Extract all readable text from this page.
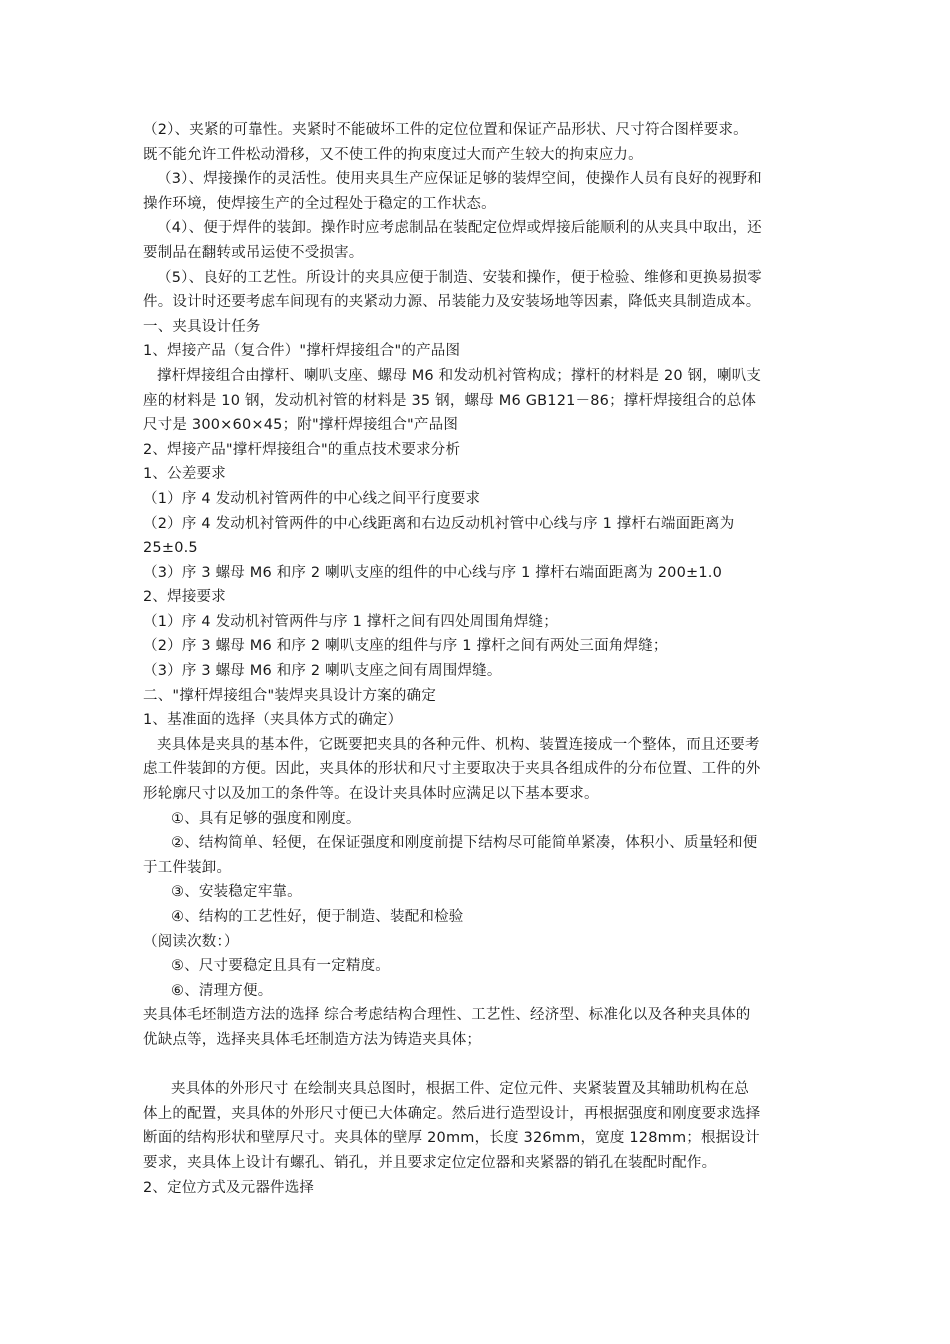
（2）、夹紧的可靠性。夹紧时不能破坏工件的定位位置和保证产品形状、尺寸符合图样要求。
既不能允许工件松动滑移，又不使工件的拘束度过大而产生较大的拘束应力。
（3）、焊接操作的灵活性。使用夹具生产应保证足够的装焊空间，使操作人员有良好的视野和
操作环境，使焊接生产的全过程处于稳定的工作状态。
（4）、便于焊件的装卸。操作时应考虑制品在装配定位焊或焊接后能顺利的从夹具中取出，还
要制品在翻转或吊运使不受损害。
（5）、良好的工艺性。所设计的夹具应便于制造、安装和操作，便于检验、维修和更换易损零
件。设计时还要考虑车间现有的夹紧动力源、吊装能力及安装场地等因素，降低夹具制造成本。
一、夹具设计任务
1、焊接产品（复合件）"撑杆焊接组合"的产品图
撑杆焊接组合由撑杆、喇叭支座、螺母 M6 和发动机衬管构成；撑杆的材料是 20 钢，喇叭支
座的材料是 10 钢，发动机衬管的材料是 35 钢，螺母 M6 GB121－86；撑杆焊接组合的总体
尺寸是 300×60×45；附"撑杆焊接组合"产品图
2、焊接产品"撑杆焊接组合"的重点技术要求分析
1、公差要求
（1）序 4 发动机衬管两件的中心线之间平行度要求
（2）序 4 发动机衬管两件的中心线距离和右边反动机衬管中心线与序 1 撑杆右端面距离为
25±0.5
（3）序 3 螺母 M6 和序 2 喇叭支座的组件的中心线与序 1 撑杆右端面距离为 200±1.0
2、焊接要求
（1）序 4 发动机衬管两件与序 1 撑杆之间有四处周围角焊缝；
（2）序 3 螺母 M6 和序 2 喇叭支座的组件与序 1 撑杆之间有两处三面角焊缝；
（3）序 3 螺母 M6 和序 2 喇叭支座之间有周围焊缝。
二、"撑杆焊接组合"装焊夹具设计方案的确定
1、基准面的选择（夹具体方式的确定）
夹具体是夹具的基本件，它既要把夹具的各种元件、机构、装置连接成一个整体，而且还要考
虑工件装卸的方便。因此，夹具体的形状和尺寸主要取决于夹具各组成件的分布位置、工件的外
形轮廓尺寸以及加工的条件等。在设计夹具体时应满足以下基本要求。
①、具有足够的强度和刚度。
②、结构简单、轻便，在保证强度和刚度前提下结构尽可能简单紧凑，体积小、质量轻和便
于工件装卸。
③、安装稳定牢靠。
④、结构的工艺性好，便于制造、装配和检验
（阅读次数：）
⑤、尺寸要稳定且具有一定精度。
⑥、清理方便。
夹具体毛坯制造方法的选择 综合考虑结构合理性、工艺性、经济型、标准化以及各种夹具体的
优缺点等，选择夹具体毛坯制造方法为铸造夹具体；
夹具体的外形尺寸 在绘制夹具总图时，根据工件、定位元件、夹紧装置及其辅助机构在总
体上的配置，夹具体的外形尺寸便已大体确定。然后进行造型设计，再根据强度和刚度要求选择
断面的结构形状和壁厚尺寸。夹具体的壁厚 20mm，长度 326mm，宽度 128mm；根据设计
要求，夹具体上设计有螺孔、销孔，并且要求定位定位器和夹紧器的销孔在装配时配作。
2、定位方式及元器件选择
